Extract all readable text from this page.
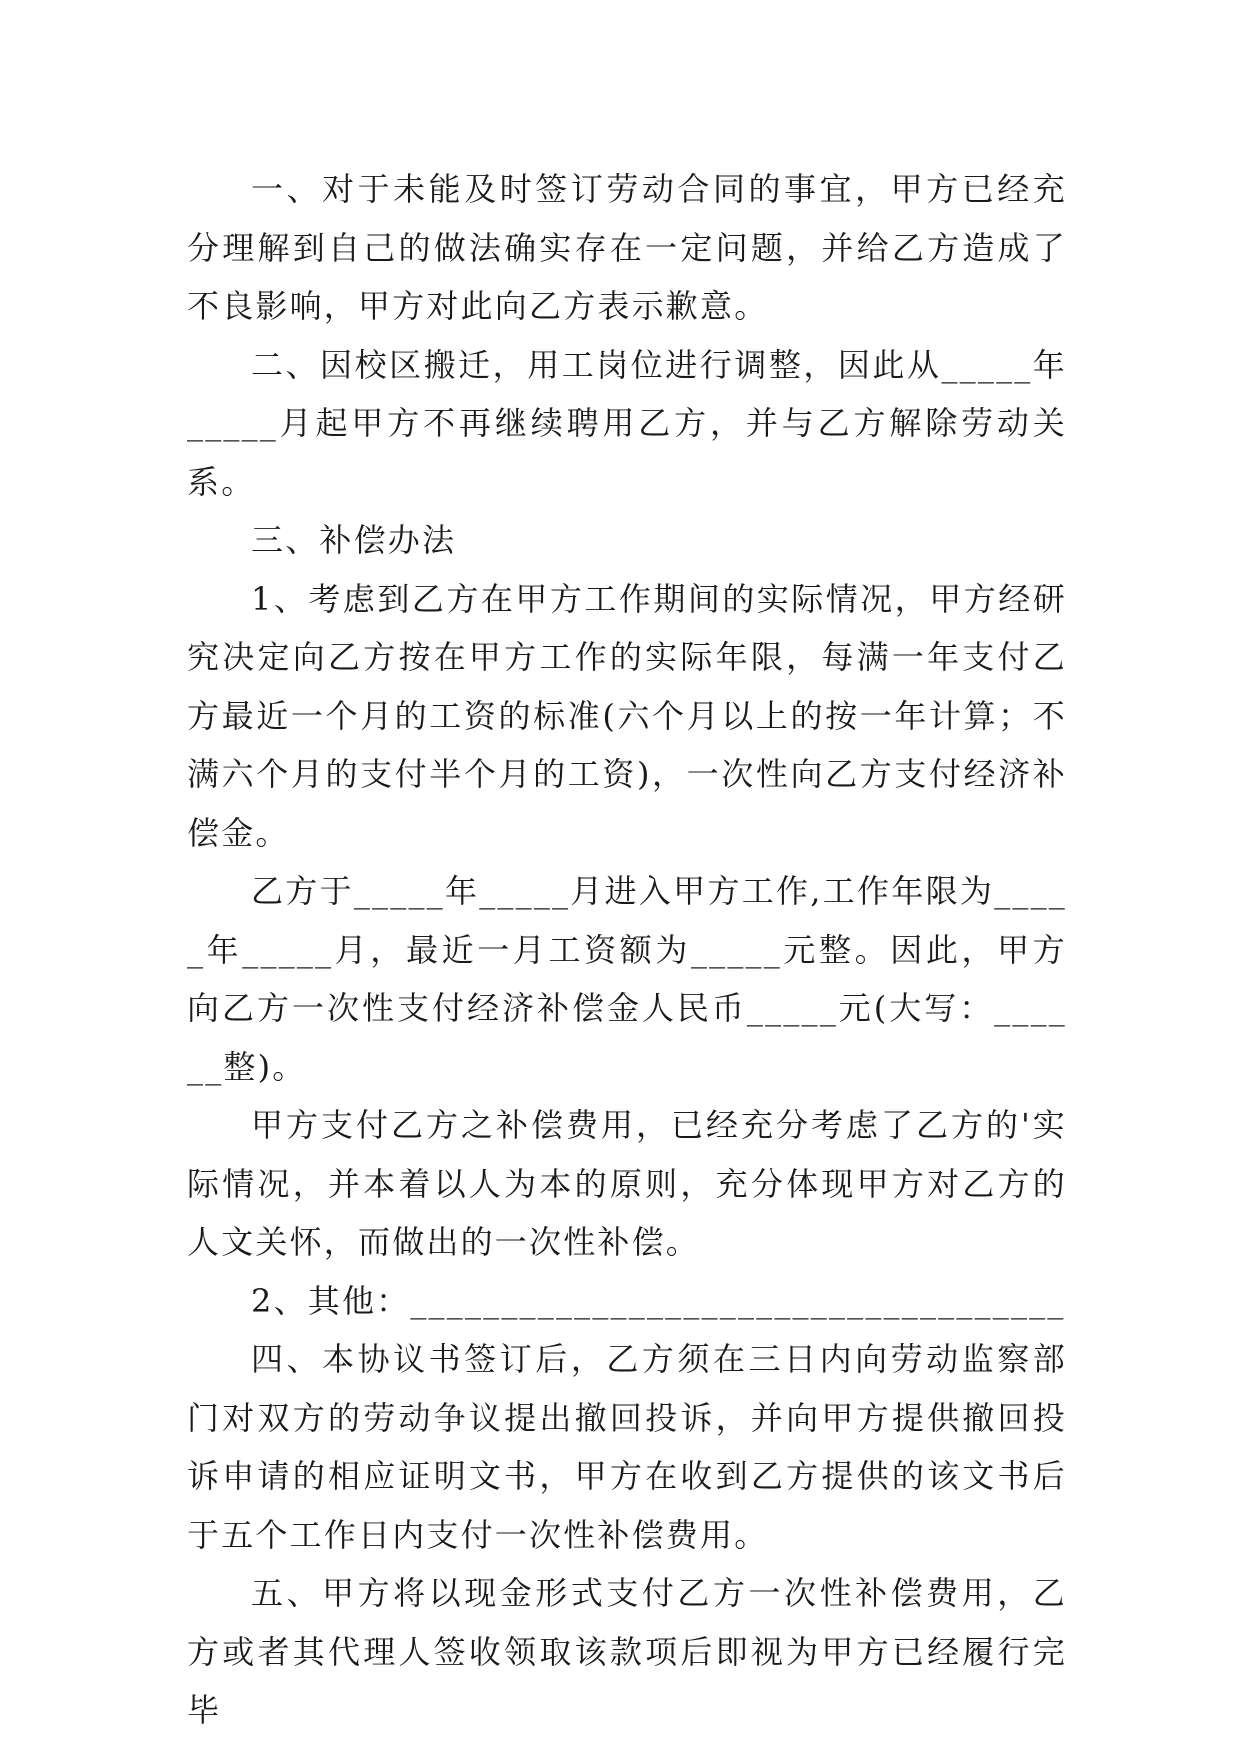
一、对于未能及时签订劳动合同的事宜，甲方已经充分理解到自己的做法确实存在一定问题，并给乙方造成了不良影响，甲方对此向乙方表示歉意。

二、因校区搬迁，用工岗位进行调整，因此从_____年_____月起甲方不再继续聘用乙方，并与乙方解除劳动关系。

三、补偿办法

1、考虑到乙方在甲方工作期间的实际情况，甲方经研究决定向乙方按在甲方工作的实际年限，每满一年支付乙方最近一个月的工资的标准(六个月以上的按一年计算；不满六个月的支付半个月的工资)，一次性向乙方支付经济补偿金。

乙方于_____年_____月进入甲方工作,工作年限为_____年_____月，最近一月工资额为_____元整。因此，甲方向乙方一次性支付经济补偿金人民币_____元(大写：______整)。

甲方支付乙方之补偿费用，已经充分考虑了乙方的'实际情况，并本着以人为本的原则，充分体现甲方对乙方的人文关怀，而做出的一次性补偿。

2、其他：____________________________________

四、本协议书签订后，乙方须在三日内向劳动监察部门对双方的劳动争议提出撤回投诉，并向甲方提供撤回投诉申请的相应证明文书，甲方在收到乙方提供的该文书后于五个工作日内支付一次性补偿费用。

五、甲方将以现金形式支付乙方一次性补偿费用，乙方或者其代理人签收领取该款项后即视为甲方已经履行完毕
